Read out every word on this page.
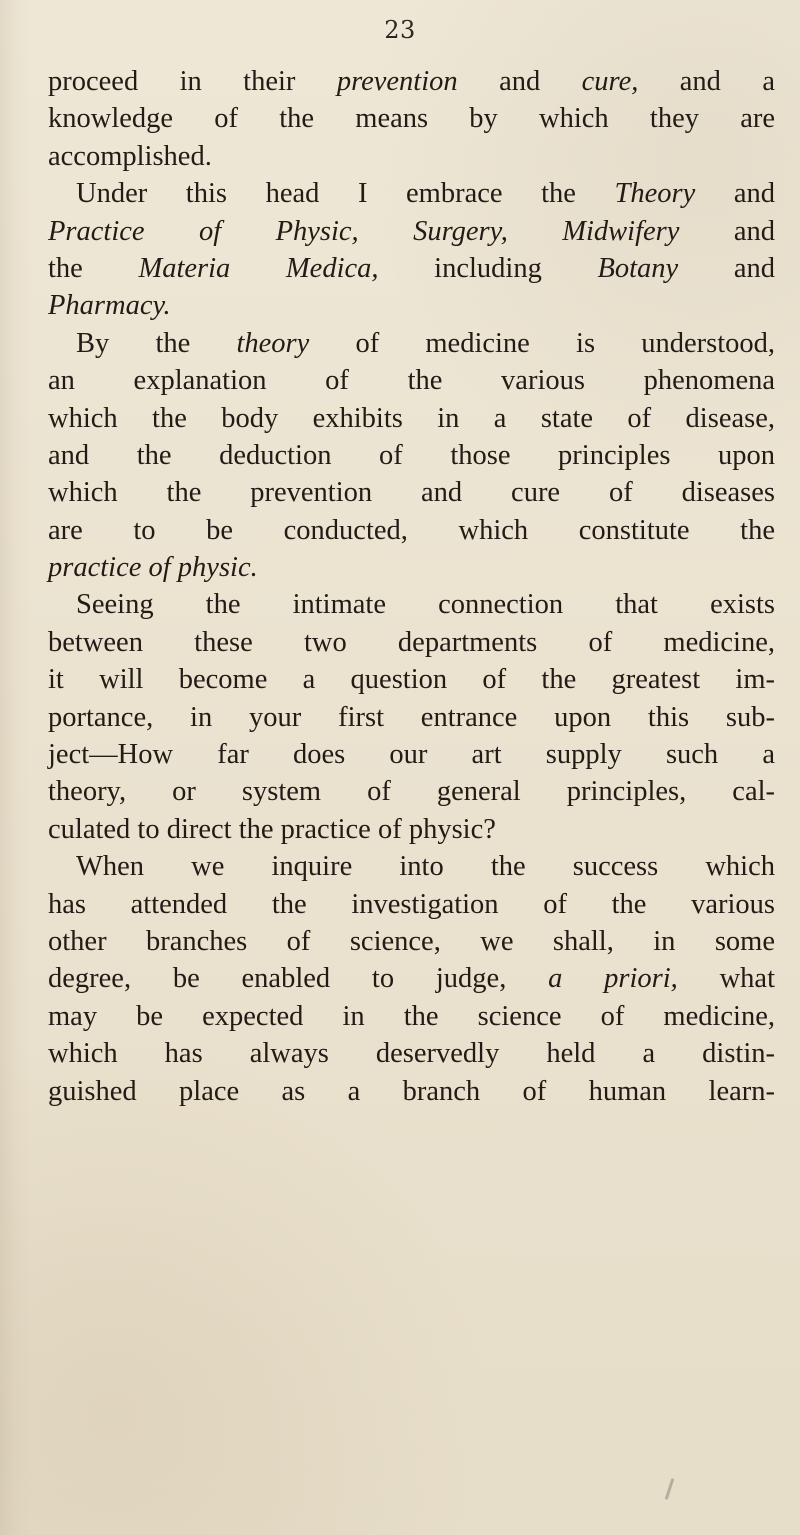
23
proceed in their prevention and cure, and a
knowledge of the means by which they are
accomplished.
Under this head I embrace the Theory and
Practice of Physic, Surgery, Midwifery and
the Materia Medica, including Botany and
Pharmacy.
By the theory of medicine is understood,
an explanation of the various phenomena
which the body exhibits in a state of disease,
and the deduction of those principles upon
which the prevention and cure of diseases
are to be conducted, which constitute the
practice of physic.
Seeing the intimate connection that exists
between these two departments of medicine,
it will become a question of the greatest im-
portance, in your first entrance upon this sub-
ject—How far does our art supply such a
theory, or system of general principles, cal-
culated to direct the practice of physic?
When we inquire into the success which
has attended the investigation of the various
other branches of science, we shall, in some
degree, be enabled to judge, a priori, what
may be expected in the science of medicine,
which has always deservedly held a distin-
guished place as a branch of human learn-
